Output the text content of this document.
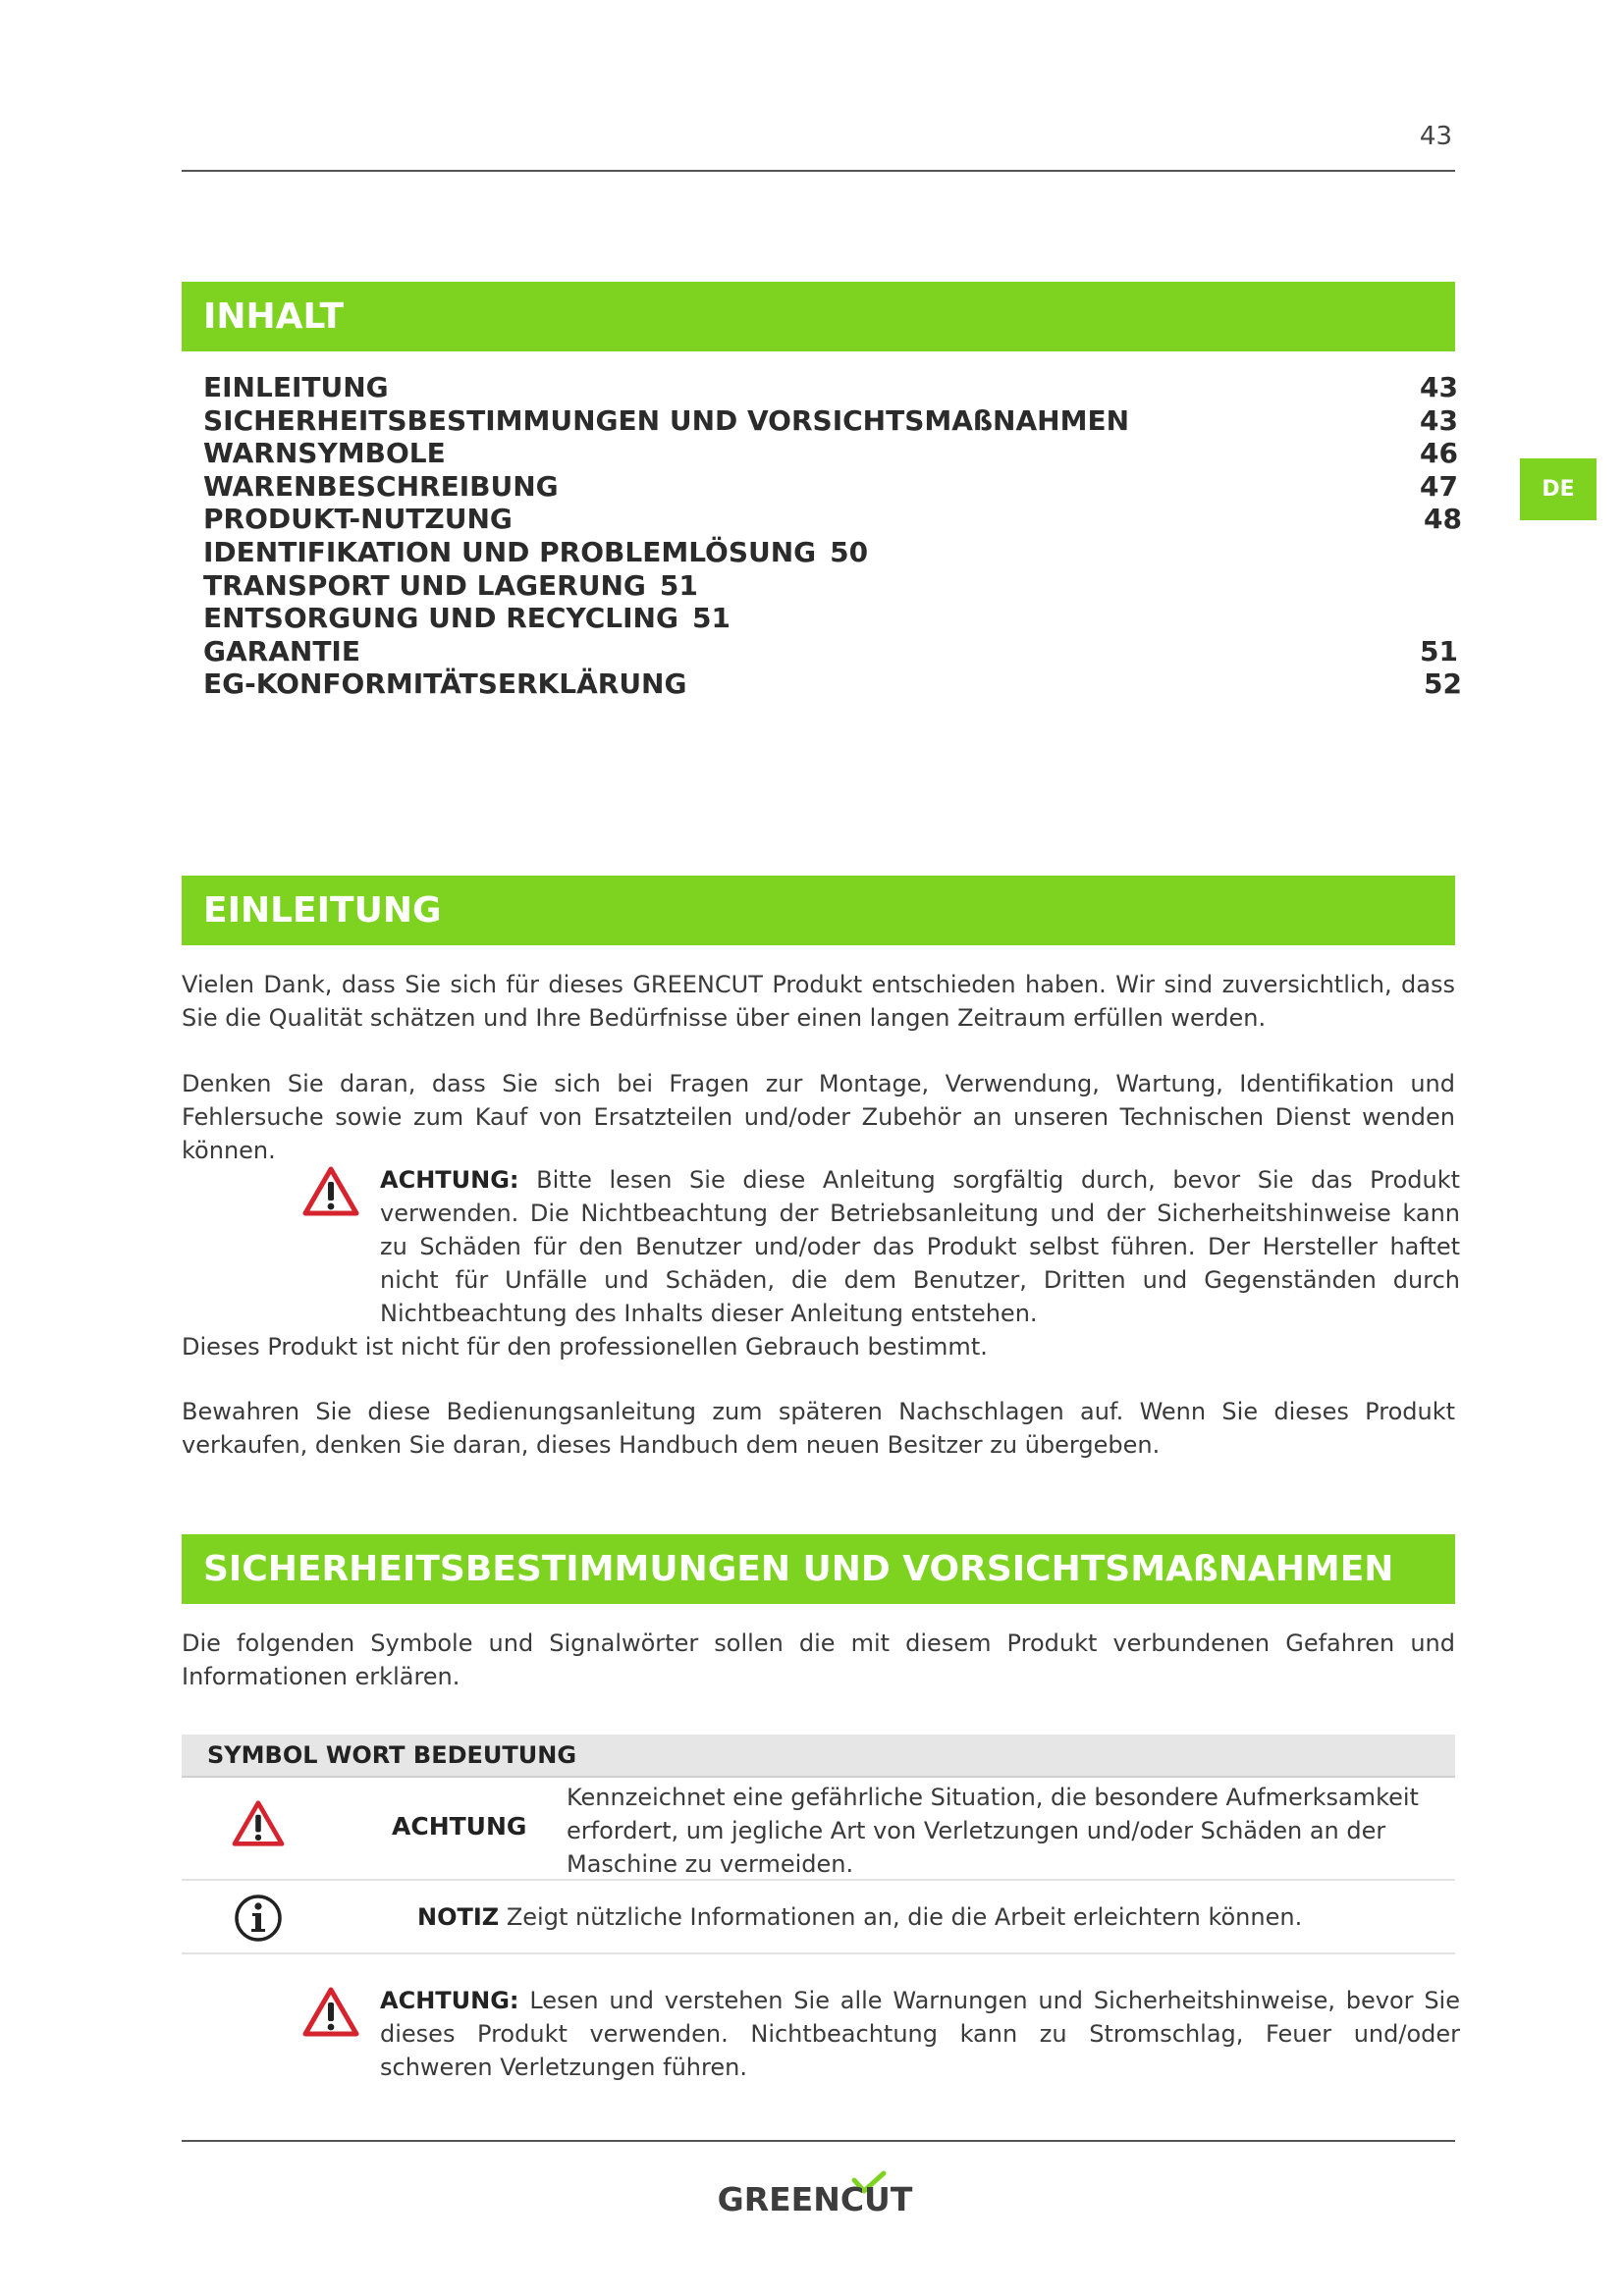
43
DE
INHALT
EINLEITUNG	43
SICHERHEITSBESTIMMUNGEN UND VORSICHTSMAßNAHMEN	43
WARNSYMBOLE	46
WARENBESCHREIBUNG	47
PRODUKT-NUTZUNG	48
IDENTIFIKATION UND PROBLEMLÖSUNG 50
TRANSPORT UND LAGERUNG 51
ENTSORGUNG UND RECYCLING 51
GARANTIE	51
EG-KONFORMITÄTSERKLÄRUNG	52
EINLEITUNG
Vielen Dank, dass Sie sich für dieses GREENCUT Produkt entschieden haben. Wir sind zuversichtlich, dass Sie die Qualität schätzen und Ihre Bedürfnisse über einen langen Zeitraum erfüllen werden.
Denken Sie daran, dass Sie sich bei Fragen zur Montage, Verwendung, Wartung, Identifikation und Fehlersuche sowie zum Kauf von Ersatzteilen und/oder Zubehör an unseren Technischen Dienst wenden können.
ACHTUNG: Bitte lesen Sie diese Anleitung sorgfältig durch, bevor Sie das Produkt verwenden. Die Nichtbeachtung der Betriebsanleitung und der Sicherheitshinweise kann zu Schäden für den Benutzer und/oder das Produkt selbst führen. Der Hersteller haftet nicht für Unfälle und Schäden, die dem Benutzer, Dritten und Gegenständen durch Nichtbeachtung des Inhalts dieser Anleitung entstehen.
Dieses Produkt ist nicht für den professionellen Gebrauch bestimmt.
Bewahren Sie diese Bedienungsanleitung zum späteren Nachschlagen auf. Wenn Sie dieses Produkt verkaufen, denken Sie daran, dieses Handbuch dem neuen Besitzer zu übergeben.
SICHERHEITSBESTIMMUNGEN UND VORSICHTSMAßNAHMEN
Die folgenden Symbole und Signalwörter sollen die mit diesem Produkt verbundenen Gefahren und Informationen erklären.
SYMBOL WORT BEDEUTUNG
ACHTUNG
Kennzeichnet eine gefährliche Situation, die besondere Aufmerksamkeit erfordert, um jegliche Art von Verletzungen und/oder Schäden an der Maschine zu vermeiden.
NOTIZ Zeigt nützliche Informationen an, die die Arbeit erleichtern können.
ACHTUNG: Lesen und verstehen Sie alle Warnungen und Sicherheitshinweise, bevor Sie dieses Produkt verwenden. Nichtbeachtung kann zu Stromschlag, Feuer und/oder schweren Verletzungen führen.
GREENCUT
